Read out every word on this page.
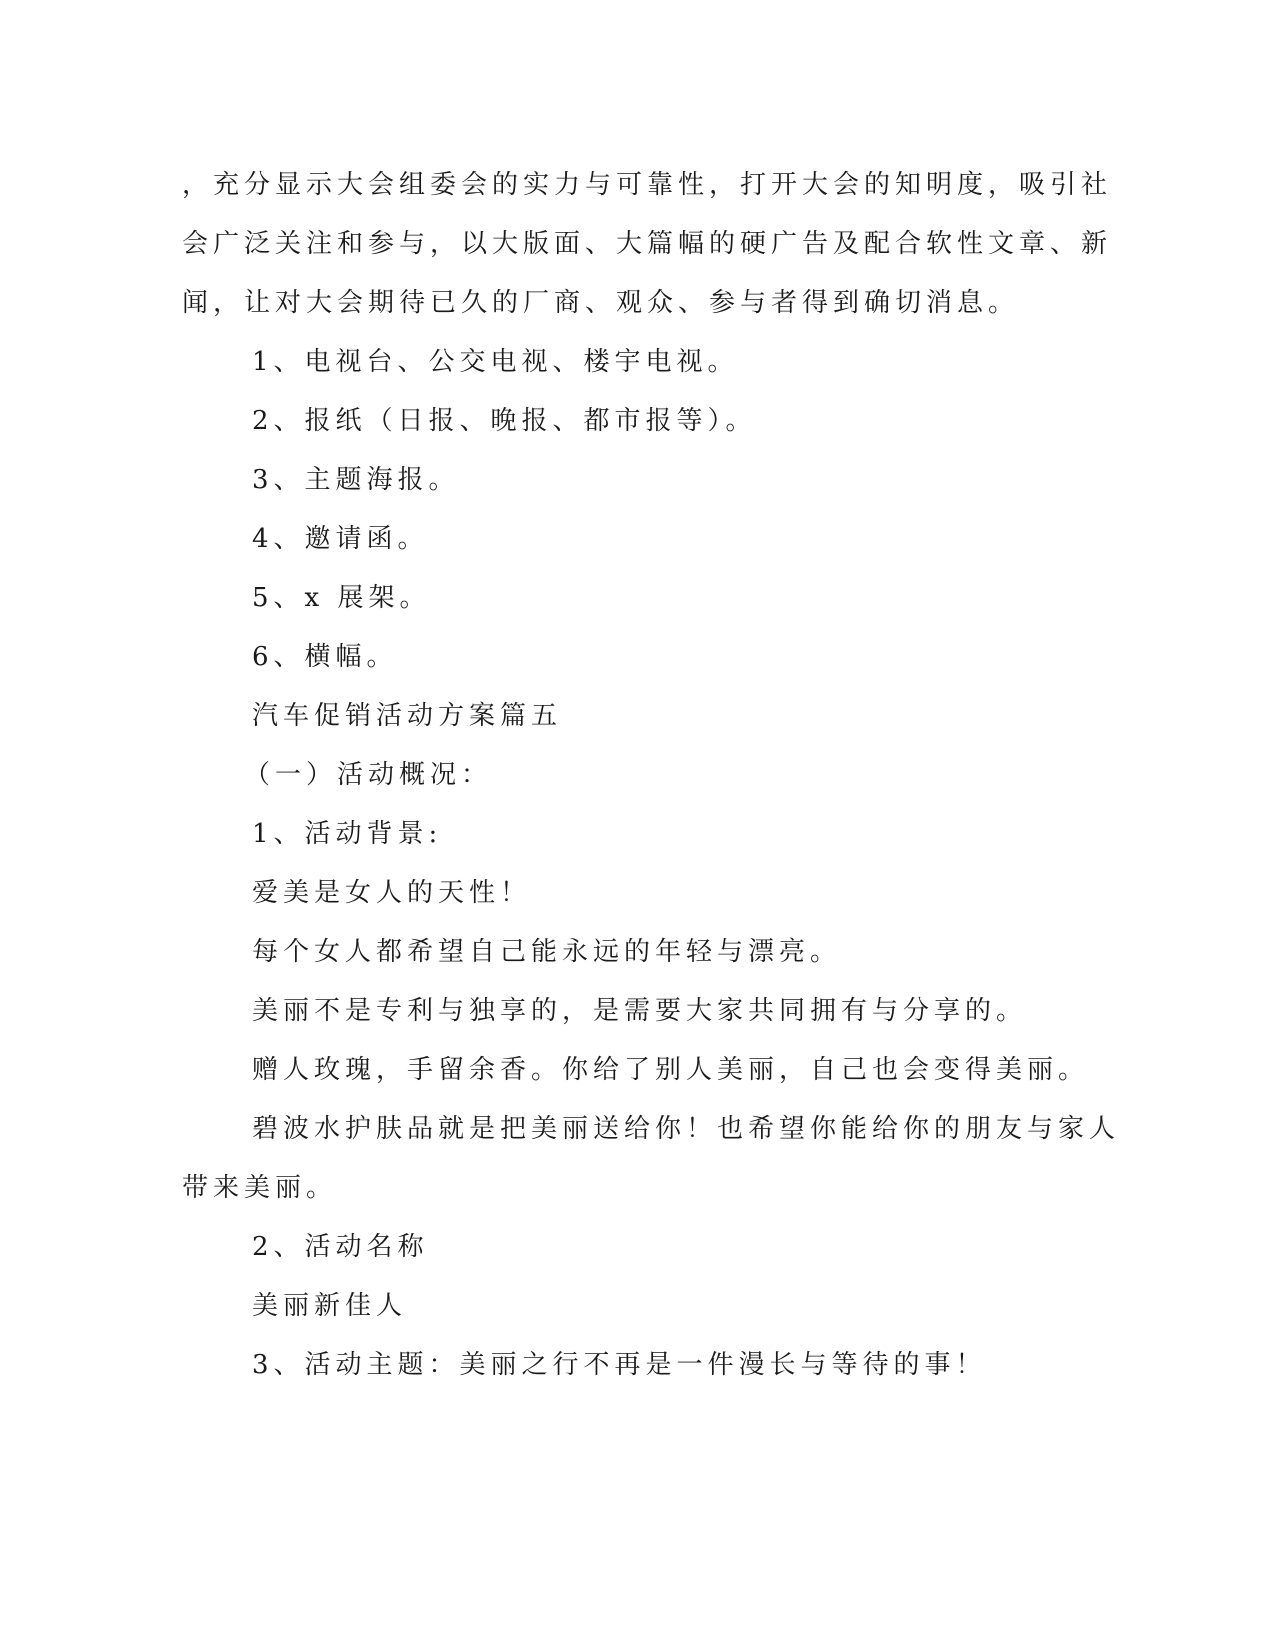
，充分显示大会组委会的实力与可靠性，打开大会的知明度，吸引社

会广泛关注和参与，以大版面、大篇幅的硬广告及配合软性文章、新

闻，让对大会期待已久的厂商、观众、参与者得到确切消息。

1、电视台、公交电视、楼宇电视。

2、报纸（日报、晚报、都市报等）。

3、主题海报。

4、邀请函。

5、x 展架。

6、横幅。

汽车促销活动方案篇五

（一）活动概况：

1、活动背景:

爱美是女人的天性！

每个女人都希望自己能永远的年轻与漂亮。

美丽不是专利与独享的，是需要大家共同拥有与分享的。

赠人玫瑰，手留余香。你给了别人美丽，自己也会变得美丽。

碧波水护肤品就是把美丽送给你！也希望你能给你的朋友与家人

带来美丽。

2、活动名称

美丽新佳人

3、活动主题：美丽之行不再是一件漫长与等待的事！
